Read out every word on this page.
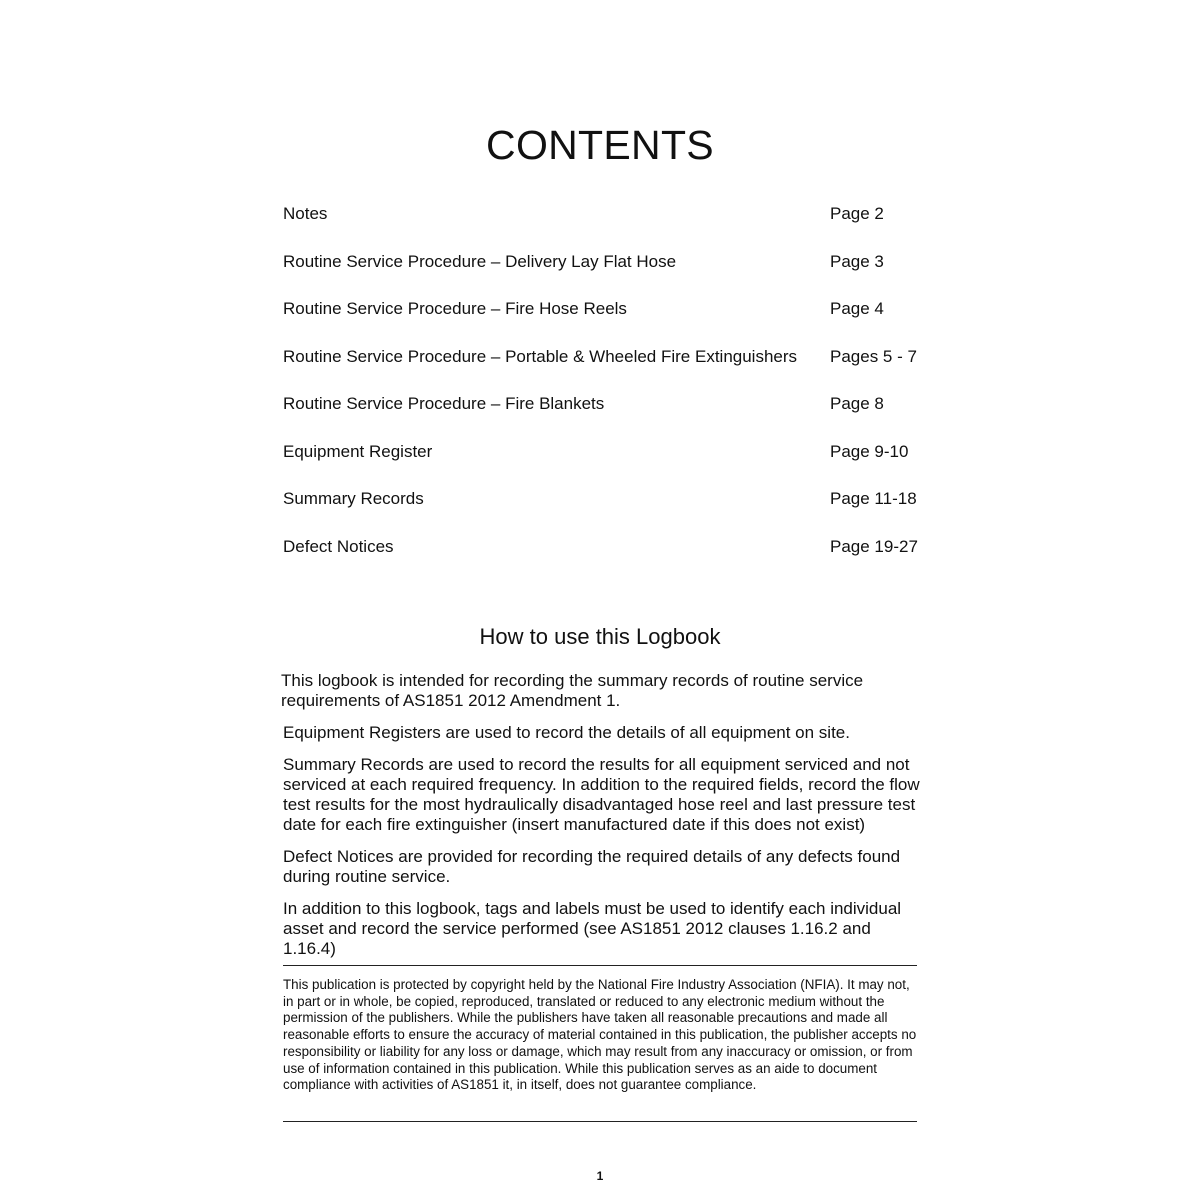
CONTENTS
Notes	Page 2
Routine Service Procedure – Delivery Lay Flat Hose	Page 3
Routine Service Procedure – Fire Hose Reels	Page 4
Routine Service Procedure – Portable & Wheeled Fire Extinguishers Pages 5 - 7
Routine Service Procedure – Fire Blankets	Page 8
Equipment Register	Page 9-10
Summary Records	Page 11-18
Defect Notices	Page 19-27
How to use this Logbook

This logbook is intended for recording the summary records of routine service requirements of AS1851 2012 Amendment 1.

Equipment Registers are used to record the details of all equipment on site.

Summary Records are used to record the results for all equipment serviced and not serviced at each required frequency. In addition to the required fields, record the flow test results for the most hydraulically disadvantaged hose reel and last pressure test date for each fire extinguisher (insert manufactured date if this does not exist)

Defect Notices are provided for recording the required details of any defects found during routine service.

In addition to this logbook, tags and labels must be used to identify each individual asset and record the service performed (see AS1851 2012 clauses 1.16.2 and 1.16.4)

This publication is protected by copyright held by the National Fire Industry Association (NFIA). It may not, in part or in whole, be copied, reproduced, translated or reduced to any electronic medium without the permission of the publishers. While the publishers have taken all reasonable precautions and made all reasonable efforts to ensure the accuracy of material contained in this publication, the publisher accepts no responsibility or liability for any loss or damage, which may result from any inaccuracy or omission, or from use of information contained in this publication. While this publication serves as an aide to document compliance with activities of AS1851 it, in itself, does not guarantee compliance.

1
